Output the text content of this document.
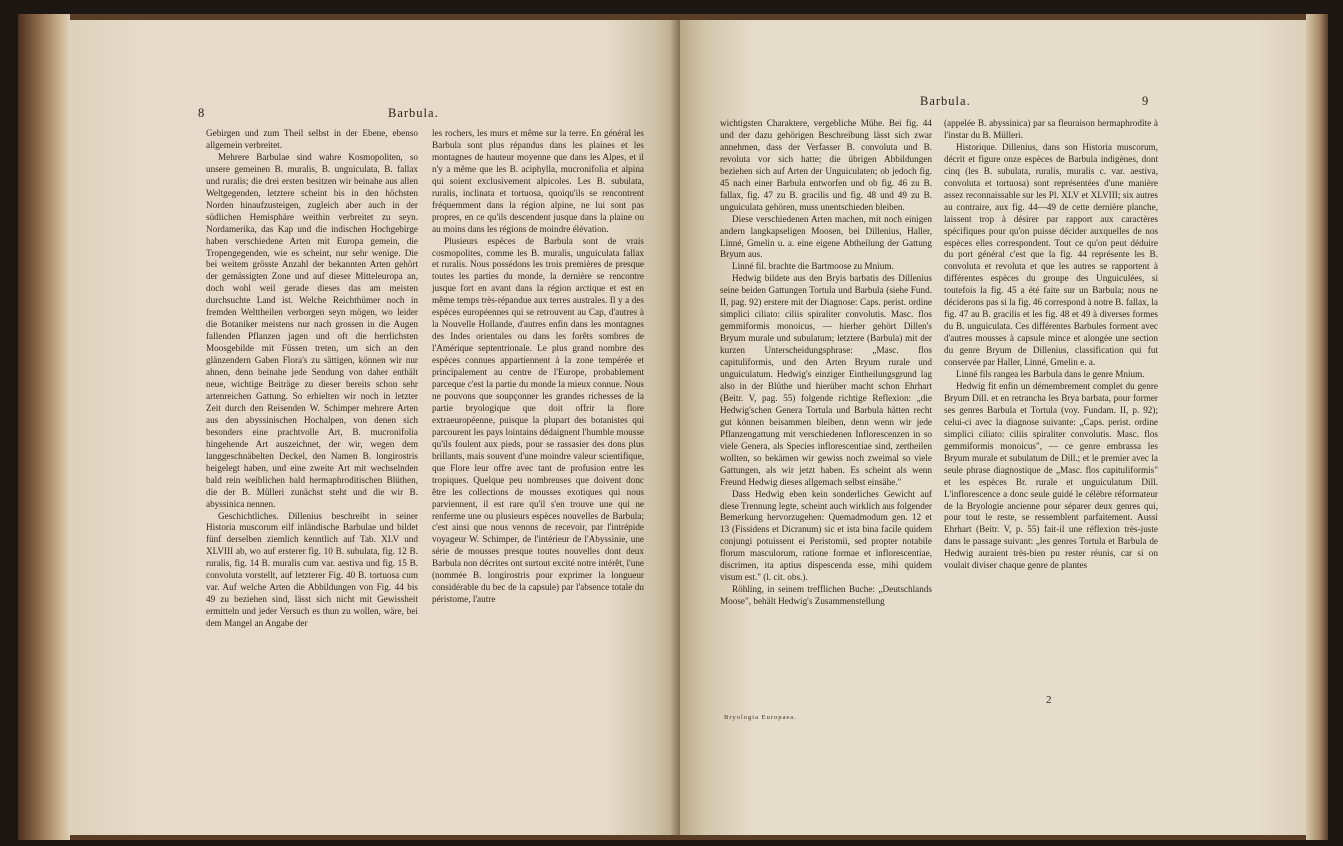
8	Barbula.

Gebirgen und zum Theil selbst in der Ebene, ebenso allgemein verbreitet.

Mehrere Barbulae sind wahre Kosmopoliten, so unsere gemeinen B. muralis, B. unguiculata, B. fallax und ruralis; die drei ersten besitzen wir beinahe aus allen Weltgegenden, letztere scheint bis in den höchsten Norden hinaufzusteigen, zugleich aber auch in der südlichen Hemisphäre weithin verbreitet zu seyn. Nordamerika, das Kap und die indischen Hochgebirge haben verschiedene Arten mit Europa gemein, die Tropengegenden, wie es scheint, nur sehr wenige. Die bei weitem grösste Anzahl der bekannten Arten gehört der gemässigten Zone und auf dieser Mitteleuropa an, doch wohl weil gerade dieses das am meisten durchsuchte Land ist. Welche Reichthümer noch in fremden Welttheilen verborgen seyn mögen, wo leider die Botaniker meistens nur nach grossen in die Augen fallenden Pflanzen jagen und oft die herrlichsten Moosgebilde mit Füssen treten, um sich an den glänzendern Gaben Flora's zu sättigen, können wir nur ahnen, denn beinahe jede Sendung von daher enthält neue, wichtige Beiträge zu dieser bereits schon sehr artenreichen Gattung. So erhielten wir noch in letzter Zeit durch den Reisenden W. Schimper mehrere Arten aus den abyssinischen Hochalpen, von denen sich besonders eine prachtvolle Art, B. mucronifolia hingehende Art auszeichnet, der wir, wegen dem langgeschnäbelten Deckel, den Namen B. longirostris beigelegt haben, und eine zweite Art mit wechselnden bald rein weiblichen bald hermaphroditischen Blüthen, die der B. Mülleri zunächst steht und die wir B. abyssinica nennen.

Geschichtliches. Dillenius beschreibt in seiner Historia muscorum eilf inländische Barbulae und bildet fünf derselben ziemlich kenntlich auf Tab. XLV und XLVIII ab, wo auf ersterer fig. 10 B. subulata, fig. 12 B. ruralis, fig. 14 B. muralis cum var. aestiva und fig. 15 B. convolutа vorstellt, auf letzterer Fig. 40 B. tortuosa cum var. Auf welche Arten die Abbildungen von Fig. 44 bis 49 zu beziehen sind, lässt sich nicht mit Gewissheit ermitteln und jeder Versuch es thun zu wollen, wäre, bei dem Mangel an Angabe der

les rochers, les murs et même sur la terre. En général les Barbula sont plus répandus dans les plaines et les montagnes de hauteur moyenne que dans les Alpes, et il n'y a même que les B. aciphylla, mucronifolia et alpina qui soient exclusivement alpicoles. Les B. subulata, ruralis, inclinata et tortuosa, quoiqu'ils se rencontrent fréquemment dans la région alpine, ne lui sont pas propres, en ce qu'ils descendent jusque dans la plaine ou au moins dans les régions de moindre élévation.

Plusieurs espèces de Barbula sont de vrais cosmopolites, comme les B. muralis, unguiculata fallax et ruralis. Nous possédons les trois premières de presque toutes les parties du monde, la dernière se rencontre jusque fort en avant dans la région arctique et est en même temps très-répandue aux terres australes. Il y a des espèces européennes qui se retrouvent au Cap, d'autres à la Nouvelle Hollande, d'autres enfin dans les montagnes des Indes orientales ou dans les forêts sombres de l'Amérique septentrionale. Le plus grand nombre des espèces connues appartiennent à la zone tempérée et principalement au centre de l'Europe, probablement parceque c'est la partie du monde la mieux connue. Nous ne pouvons que soupçonner les grandes richesses de la partie bryologique que doit offrir la flore extraeuropéenne, puisque la plupart des botanistes qui parcourent les pays lointains dédaignent l'humble mousse qu'ils foulent aux pieds, pour se rassasier des dons plus brillants, mais souvent d'une moindre valeur scientifique, que Flore leur offre avec tant de profusion entre les tropiques. Quelque peu nombreuses que doivent donc être les collections de mousses exotiques qui nous parviennent, il est rare qu'il s'en trouve une qui ne renferme une ou plusieurs espèces nouvelles de Barbula; c'est ainsi que nous venons de recevoir, par l'intrépide voyageur W. Schimper, de l'intérieur de l'Abyssinie, une série de mousses presque toutes nouvelles dont deux Barbula non décrites ont surtout excité notre intérêt, l'une (nommée B. longirostris pour exprimer la longueur considérable du bec de la capsule) par l'absence totale du péristome, l'autre

Barbula.	9

wichtigsten Charaktere, vergebliche Mühe. Bei fig. 44 und der dazu gehörigen Beschreibung lässt sich zwar annehmen, dass der Verfasser B. convoluta und B. revoluta vor sich hatte; die übrigen Abbildungen beziehen sich auf Arten der Unguiculaten; ob jedoch fig. 45 nach einer Barbula entworfen und ob fig. 46 zu B. fallax, fig. 47 zu B. gracilis und fig. 48 und 49 zu B. unguiculata gehören, muss unentschieden bleiben.

Diese verschiedenen Arten machen, mit noch einigen andern langkapseligen Moosen, bei Dillenius, Haller, Linné, Gmelin u. a. eine eigene Abtheilung der Gattung Bryum aus.

Linné fil. brachte die Bartmoose zu Mnium.

Hedwig bildete aus den Bryis barbatis des Dillenius seine beiden Gattungen Tortula und Barbula (siehe Fund. II, pag. 92) erstere mit der Diagnose: Caps. perist. ordine simplici ciliato: ciliis spiraliter convolutis. Masc. flos gemmiformis monoicus, — hierher gehört Dillen's Bryum murale und subulatum; letztere (Barbula) mit der kurzen Unterscheidungsphrase: „Masc. flos capituliformis, und den Arten Bryum rurale und unguiculatum. Hedwig's einziger Eintheilungsgrund lag also in der Blüthe und hierüber macht schon Ehrhart (Beitr. V, pag. 55) folgende richtige Reflexion: „die Hedwig'schen Genera Tortula und Barbula hätten recht gut können beisammen bleiben, denn wenn wir jede Pflanzengattung mit verschiedenen Inflorescenzen in so viele Genera, als Species inflorescentiae sind, zertheilen wollten, so bekämen wir gewiss noch zweimal so viele Gattungen, als wir jetzt haben. Es scheint als wenn Freund Hedwig dieses allgemach selbst einsähe."

Dass Hedwig eben kein sonderliches Gewicht auf diese Trennung legte, scheint auch wirklich aus folgender Bemerkung hervorzugehen: Quemadmodum gen. 12 et 13 (Fissidens et Dicranum) sic et ista bina facile quidem conjungi potuissent ei Peristomii, sed propter notabile florum masculorum, ratione formae et inflorescentiae, discrimen, ita aptius dispescenda esse, mihi quidem visum est." (l. cit. obs.).

Röhling, in seinem trefflichen Buche: „Deutschlands Moose", behält Hedwig's Zusammenstellung

(appelée B. abyssinica) par sa fleuraison hermaphrodite à l'instar du B. Mülleri.

Historique. Dillenius, dans son Historia muscorum, décrit et figure onze espèces de Barbula indigènes, dont cinq (les B. subulata, ruralis, muralis c. var. aestiva, convoluta et tortuosa) sont représentées d'une manière assez reconnaissable sur les Pl. XLV et XLVIII; six autres au contraire, aux fig. 44—49 de cette dernière planche, laissent trop à désirer par rapport aux caractères spécifiques pour qu'on puisse décider auxquelles de nos espèces elles correspondent. Tout ce qu'on peut déduire du port général c'est que la fig. 44 représente les B. convoluta et revoluta et que les autres se rapportent à différentes espèces du groupe des Unguiculées, si toutefois la fig. 45 a été faite sur un Barbula; nous ne déciderons pas si la fig. 46 correspond à notre B. fallax, la fig. 47 au B. gracilis et les fig. 48 et 49 à diverses formes du B. unguiculata. Ces différentes Barbules forment avec d'autres mousses à capsule mince et alongée une section du genre Bryum de Dillenius, classification qui fut conservée par Haller, Linné, Gmelin e. a.

Linné fils rangea les Barbula dans le genre Mnium.

Hedwig fit enfin un démembrement complet du genre Bryum Dill. et en retrancha les Bryа barbata, pour former ses genres Barbula et Tortula (voy. Fundam. II, p. 92); celui-ci avec la diagnose suivante: „Caps. perist. ordine simplici ciliato: ciliis spiraliter convolutis. Masc. flos gemmiformis monoicus", — ce genre embrassa les Bryum murale et subulatum de Dill.; et le premier avec la seule phrase diagnostique de „Masc. flos capituliformis" et les espèces Br. rurale et unguiculatum Dill. L'inflorescence a donc seule guidé le célèbre réformateur de la Bryologie ancienne pour séparer deux genres qui, pour tout le reste, se ressemblent parfaitement. Aussi Ehrhart (Beitr. V, p. 55) fait-il une réflexion très-juste dans le passage suivant: „les genres Tortula et Barbula de Hedwig auraient très-bien pu rester réunis, car si on voulait diviser chaque genre de plantes

Bryologia Europaea.
2
